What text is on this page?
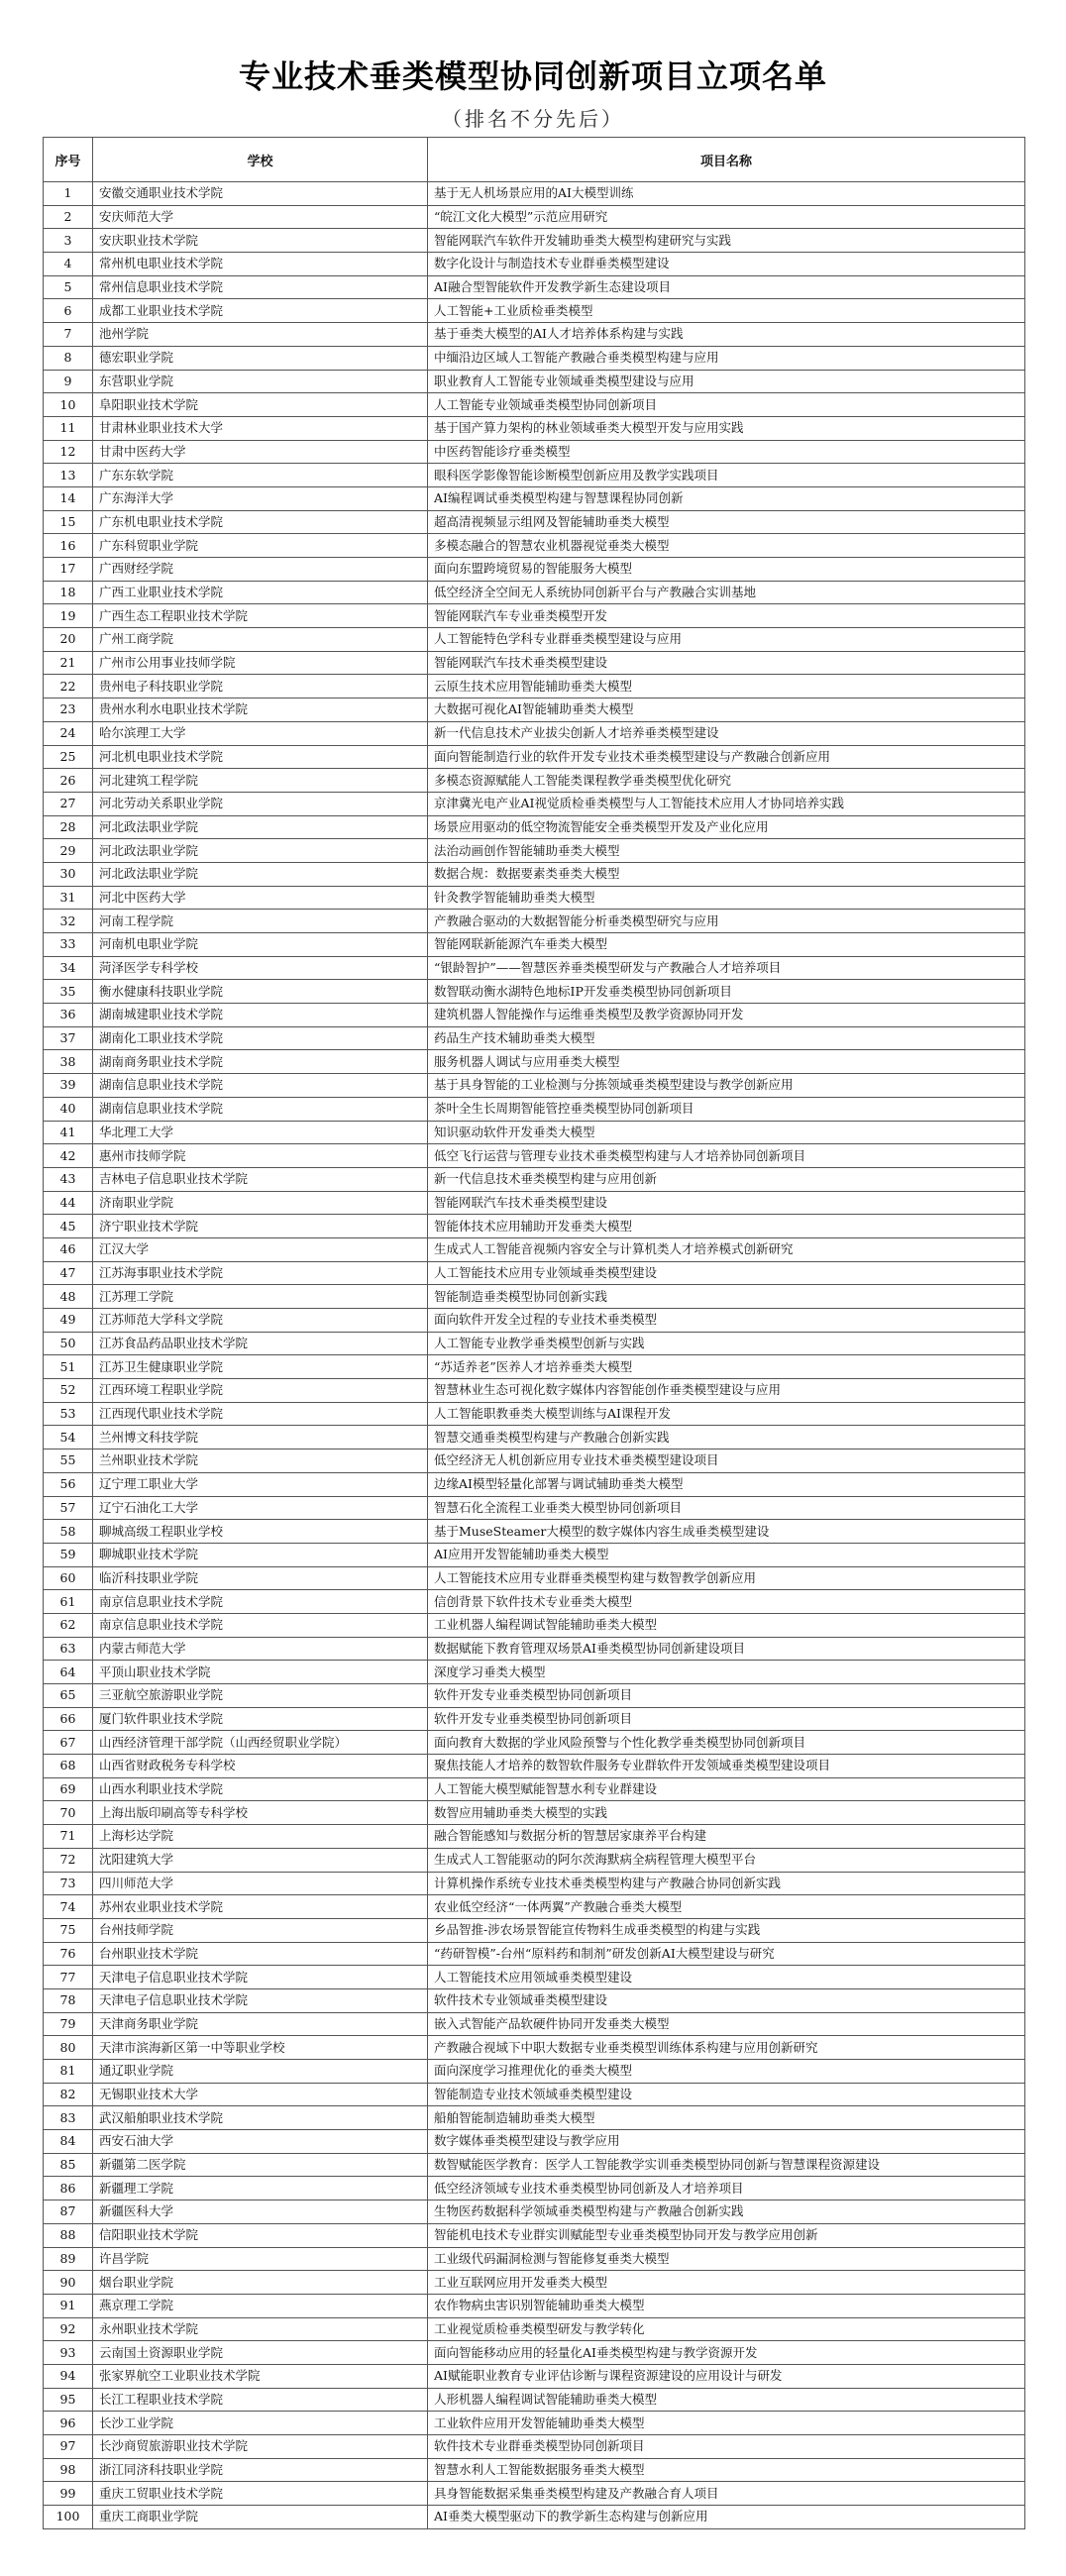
专业技术垂类模型协同创新项目立项名单
（排名不分先后）
序号	学校	项目名称
1	安徽交通职业技术学院	基于无人机场景应用的AI大模型训练
2	安庆师范大学	“皖江文化大模型”示范应用研究
3	安庆职业技术学院	智能网联汽车软件开发辅助垂类大模型构建研究与实践
4	常州机电职业技术学院	数字化设计与制造技术专业群垂类模型建设
5	常州信息职业技术学院	AI融合型智能软件开发教学新生态建设项目
6	成都工业职业技术学院	人工智能+工业质检垂类模型
7	池州学院	基于垂类大模型的AI人才培养体系构建与实践
8	德宏职业学院	中缅沿边区域人工智能产教融合垂类模型构建与应用
9	东营职业学院	职业教育人工智能专业领域垂类模型建设与应用
10	阜阳职业技术学院	人工智能专业领域垂类模型协同创新项目
11	甘肃林业职业技术大学	基于国产算力架构的林业领域垂类大模型开发与应用实践
12	甘肃中医药大学	中医药智能诊疗垂类模型
13	广东东软学院	眼科医学影像智能诊断模型创新应用及教学实践项目
14	广东海洋大学	AI编程调试垂类模型构建与智慧课程协同创新
15	广东机电职业技术学院	超高清视频显示组网及智能辅助垂类大模型
16	广东科贸职业学院	多模态融合的智慧农业机器视觉垂类大模型
17	广西财经学院	面向东盟跨境贸易的智能服务大模型
18	广西工业职业技术学院	低空经济全空间无人系统协同创新平台与产教融合实训基地
19	广西生态工程职业技术学院	智能网联汽车专业垂类模型开发
20	广州工商学院	人工智能特色学科专业群垂类模型建设与应用
21	广州市公用事业技师学院	智能网联汽车技术垂类模型建设
22	贵州电子科技职业学院	云原生技术应用智能辅助垂类大模型
23	贵州水利水电职业技术学院	大数据可视化AI智能辅助垂类大模型
24	哈尔滨理工大学	新一代信息技术产业拔尖创新人才培养垂类模型建设
25	河北机电职业技术学院	面向智能制造行业的软件开发专业技术垂类模型建设与产教融合创新应用
26	河北建筑工程学院	多模态资源赋能人工智能类课程教学垂类模型优化研究
27	河北劳动关系职业学院	京津冀光电产业AI视觉质检垂类模型与人工智能技术应用人才协同培养实践
28	河北政法职业学院	场景应用驱动的低空物流智能安全垂类模型开发及产业化应用
29	河北政法职业学院	法治动画创作智能辅助垂类大模型
30	河北政法职业学院	数据合规：数据要素类垂类大模型
31	河北中医药大学	针灸教学智能辅助垂类大模型
32	河南工程学院	产教融合驱动的大数据智能分析垂类模型研究与应用
33	河南机电职业学院	智能网联新能源汽车垂类大模型
34	菏泽医学专科学校	“银龄智护”——智慧医养垂类模型研发与产教融合人才培养项目
35	衡水健康科技职业学院	数智联动衡水湖特色地标IP开发垂类模型协同创新项目
36	湖南城建职业技术学院	建筑机器人智能操作与运维垂类模型及教学资源协同开发
37	湖南化工职业技术学院	药品生产技术辅助垂类大模型
38	湖南商务职业技术学院	服务机器人调试与应用垂类大模型
39	湖南信息职业技术学院	基于具身智能的工业检测与分拣领域垂类模型建设与教学创新应用
40	湖南信息职业技术学院	茶叶全生长周期智能管控垂类模型协同创新项目
41	华北理工大学	知识驱动软件开发垂类大模型
42	惠州市技师学院	低空飞行运营与管理专业技术垂类模型构建与人才培养协同创新项目
43	吉林电子信息职业技术学院	新一代信息技术垂类模型构建与应用创新
44	济南职业学院	智能网联汽车技术垂类模型建设
45	济宁职业技术学院	智能体技术应用辅助开发垂类大模型
46	江汉大学	生成式人工智能音视频内容安全与计算机类人才培养模式创新研究
47	江苏海事职业技术学院	人工智能技术应用专业领域垂类模型建设
48	江苏理工学院	智能制造垂类模型协同创新实践
49	江苏师范大学科文学院	面向软件开发全过程的专业技术垂类模型
50	江苏食品药品职业技术学院	人工智能专业教学垂类模型创新与实践
51	江苏卫生健康职业学院	“苏适养老”医养人才培养垂类大模型
52	江西环境工程职业学院	智慧林业生态可视化数字媒体内容智能创作垂类模型建设与应用
53	江西现代职业技术学院	人工智能职教垂类大模型训练与AI课程开发
54	兰州博文科技学院	智慧交通垂类模型构建与产教融合创新实践
55	兰州职业技术学院	低空经济无人机创新应用专业技术垂类模型建设项目
56	辽宁理工职业大学	边缘AI模型轻量化部署与调试辅助垂类大模型
57	辽宁石油化工大学	智慧石化全流程工业垂类大模型协同创新项目
58	聊城高级工程职业学校	基于MuseSteamer大模型的数字媒体内容生成垂类模型建设
59	聊城职业技术学院	AI应用开发智能辅助垂类大模型
60	临沂科技职业学院	人工智能技术应用专业群垂类模型构建与数智教学创新应用
61	南京信息职业技术学院	信创背景下软件技术专业垂类大模型
62	南京信息职业技术学院	工业机器人编程调试智能辅助垂类大模型
63	内蒙古师范大学	数据赋能下教育管理双场景AI垂类模型协同创新建设项目
64	平顶山职业技术学院	深度学习垂类大模型
65	三亚航空旅游职业学院	软件开发专业垂类模型协同创新项目
66	厦门软件职业技术学院	软件开发专业垂类模型协同创新项目
67	山西经济管理干部学院（山西经贸职业学院）	面向教育大数据的学业风险预警与个性化教学垂类模型协同创新项目
68	山西省财政税务专科学校	聚焦技能人才培养的数智软件服务专业群软件开发领域垂类模型建设项目
69	山西水利职业技术学院	人工智能大模型赋能智慧水利专业群建设
70	上海出版印刷高等专科学校	数智应用辅助垂类大模型的实践
71	上海杉达学院	融合智能感知与数据分析的智慧居家康养平台构建
72	沈阳建筑大学	生成式人工智能驱动的阿尔茨海默病全病程管理大模型平台
73	四川师范大学	计算机操作系统专业技术垂类模型构建与产教融合协同创新实践
74	苏州农业职业技术学院	农业低空经济“一体两翼”产教融合垂类大模型
75	台州技师学院	乡品智推-涉农场景智能宣传物料生成垂类模型的构建与实践
76	台州职业技术学院	“药研智模”-台州“原料药和制剂”研发创新AI大模型建设与研究
77	天津电子信息职业技术学院	人工智能技术应用领域垂类模型建设
78	天津电子信息职业技术学院	软件技术专业领域垂类模型建设
79	天津商务职业学院	嵌入式智能产品软硬件协同开发垂类大模型
80	天津市滨海新区第一中等职业学校	产教融合视域下中职大数据专业垂类模型训练体系构建与应用创新研究
81	通辽职业学院	面向深度学习推理优化的垂类大模型
82	无锡职业技术大学	智能制造专业技术领域垂类模型建设
83	武汉船舶职业技术学院	船舶智能制造辅助垂类大模型
84	西安石油大学	数字媒体垂类模型建设与教学应用
85	新疆第二医学院	数智赋能医学教育：医学人工智能教学实训垂类模型协同创新与智慧课程资源建设
86	新疆理工学院	低空经济领域专业技术垂类模型协同创新及人才培养项目
87	新疆医科大学	生物医药数据科学领域垂类模型构建与产教融合创新实践
88	信阳职业技术学院	智能机电技术专业群实训赋能型专业垂类模型协同开发与教学应用创新
89	许昌学院	工业级代码漏洞检测与智能修复垂类大模型
90	烟台职业学院	工业互联网应用开发垂类大模型
91	燕京理工学院	农作物病虫害识别智能辅助垂类大模型
92	永州职业技术学院	工业视觉质检垂类模型研发与教学转化
93	云南国土资源职业学院	面向智能移动应用的轻量化AI垂类模型构建与教学资源开发
94	张家界航空工业职业技术学院	AI赋能职业教育专业评估诊断与课程资源建设的应用设计与研发
95	长江工程职业技术学院	人形机器人编程调试智能辅助垂类大模型
96	长沙工业学院	工业软件应用开发智能辅助垂类大模型
97	长沙商贸旅游职业技术学院	软件技术专业群垂类模型协同创新项目
98	浙江同济科技职业学院	智慧水利人工智能数据服务垂类大模型
99	重庆工贸职业技术学院	具身智能数据采集垂类模型构建及产教融合育人项目
100	重庆工商职业学院	AI垂类大模型驱动下的教学新生态构建与创新应用
